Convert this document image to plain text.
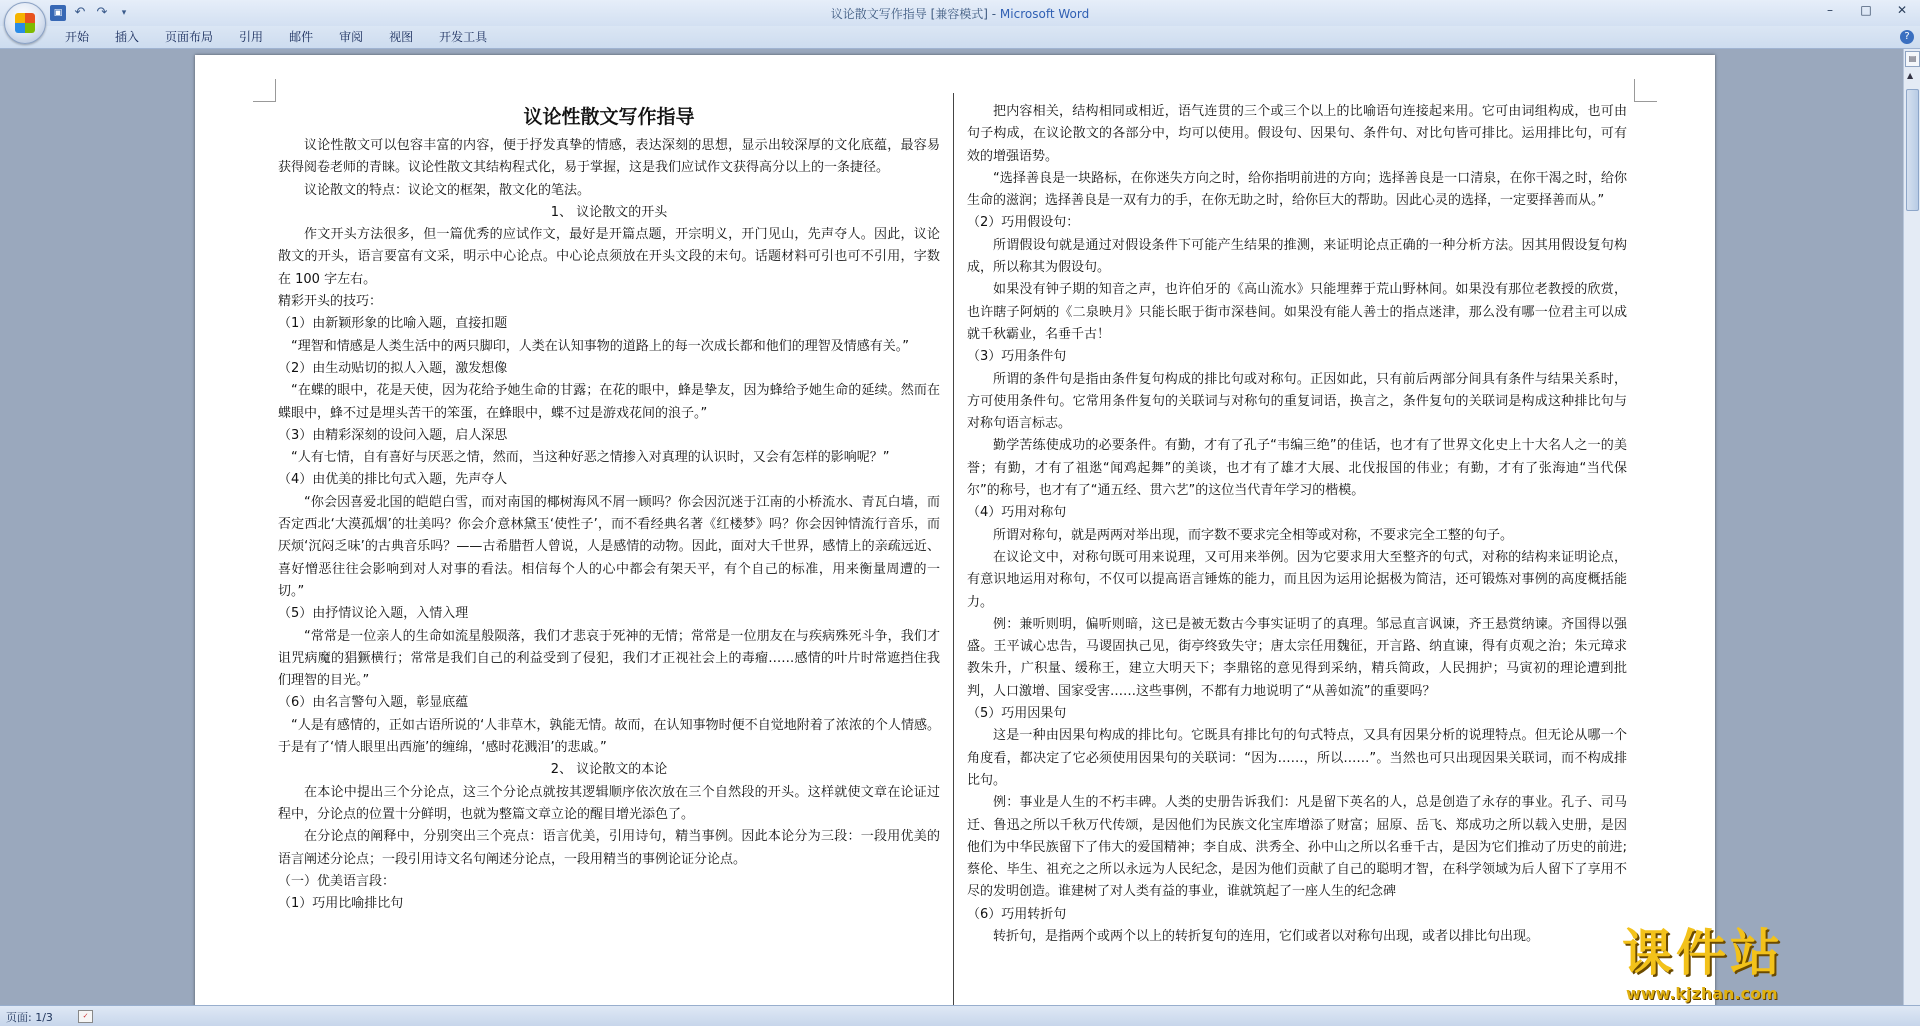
▣ ↶ ↷	▾	议论散文写作指导 [兼容模式] - Microsoft Word	–	□	✕
开始	插入	页面布局	引用	邮件	审阅	视图	开发工具	?
议论性散文写作指导

议论性散文可以包容丰富的内容，便于抒发真挚的情感，表达深刻的思想，显示出较深厚的文化底蕴，最容易获得阅卷老师的青睐。议论性散文其结构程式化，易于掌握，这是我们应试作文获得高分以上的一条捷径。

议论散文的特点：议论文的框架，散文化的笔法。

1、 议论散文的开头

作文开头方法很多，但一篇优秀的应试作文，最好是开篇点题，开宗明义，开门见山，先声夺人。因此，议论散文的开头，语言要富有文采，明示中心论点。中心论点须放在开头文段的末句。话题材料可引也可不引用，字数在 100 字左右。

精彩开头的技巧：

（1）由新颖形象的比喻入题，直接扣题

“理智和情感是人类生活中的两只脚印，人类在认知事物的道路上的每一次成长都和他们的理智及情感有关。”

（2）由生动贴切的拟人入题，激发想像

“在蝶的眼中，花是天使，因为花给予她生命的甘露；在花的眼中，蜂是挚友，因为蜂给予她生命的延续。然而在蝶眼中，蜂不过是埋头苦干的笨蛋，在蜂眼中，蝶不过是游戏花间的浪子。”

（3）由精彩深刻的设问入题，启人深思

“人有七情，自有喜好与厌恶之情，然而，当这种好恶之情掺入对真理的认识时，又会有怎样的影响呢？”

（4）由优美的排比句式入题，先声夺人

“你会因喜爱北国的皑皑白雪，而对南国的椰树海风不屑一顾吗？你会因沉迷于江南的小桥流水、青瓦白墙，而否定西北‘大漠孤烟’的壮美吗？你会介意林黛玉‘使性子’，而不看经典名著《红楼梦》吗？你会因钟情流行音乐，而厌烦‘沉闷乏味’的古典音乐吗？——古希腊哲人曾说，人是感情的动物。因此，面对大千世界，感情上的亲疏远近、喜好憎恶往往会影响到对人对事的看法。相信每个人的心中都会有架天平，有个自己的标准，用来衡量周遭的一切。”

（5）由抒情议论入题，入情入理

“常常是一位亲人的生命如流星般陨落，我们才悲哀于死神的无情；常常是一位朋友在与疾病殊死斗争，我们才诅咒病魔的猖獗横行；常常是我们自己的利益受到了侵犯，我们才正视社会上的毒瘤……感情的叶片时常遮挡住我们理智的目光。”

（6）由名言警句入题，彰显底蕴

“人是有感情的，正如古语所说的‘人非草木，孰能无情。故而，在认知事物时便不自觉地附着了浓浓的个人情感。于是有了‘情人眼里出西施’的缠绵，‘感时花溅泪’的悲戚。”

2、 议论散文的本论

在本论中提出三个分论点，这三个分论点就按其逻辑顺序依次放在三个自然段的开头。这样就使文章在论证过程中，分论点的位置十分鲜明，也就为整篇文章立论的醒目增光添色了。

在分论点的阐释中，分别突出三个亮点：语言优美，引用诗句，精当事例。因此本论分为三段：一段用优美的语言阐述分论点；一段引用诗文名句阐述分论点，一段用精当的事例论证分论点。

（一）优美语言段：

（1）巧用比喻排比句

把内容相关，结构相同或相近，语气连贯的三个或三个以上的比喻语句连接起来用。它可由词组构成，也可由句子构成，在议论散文的各部分中，均可以使用。假设句、因果句、条件句、对比句皆可排比。运用排比句，可有效的增强语势。

“选择善良是一块路标，在你迷失方向之时，给你指明前进的方向；选择善良是一口清泉，在你干渴之时，给你生命的滋润；选择善良是一双有力的手，在你无助之时，给你巨大的帮助。因此心灵的选择，一定要择善而从。”

（2）巧用假设句：

所谓假设句就是通过对假设条件下可能产生结果的推测，来证明论点正确的一种分析方法。因其用假设复句构成，所以称其为假设句。

如果没有钟子期的知音之声，也许伯牙的《高山流水》只能埋葬于荒山野林间。如果没有那位老教授的欣赏，也许瞎子阿炳的《二泉映月》只能长眠于街市深巷间。如果没有能人善士的指点迷津，那么没有哪一位君主可以成就千秋霸业，名垂千古！

（3）巧用条件句

所谓的条件句是指由条件复句构成的排比句或对称句。正因如此，只有前后两部分间具有条件与结果关系时，方可使用条件句。它常用条件复句的关联词与对称句的重复词语，换言之，条件复句的关联词是构成这种排比句与对称句语言标志。

勤学苦练使成功的必要条件。有勤，才有了孔子“韦编三绝”的佳话，也才有了世界文化史上十大名人之一的美誉；有勤，才有了祖逖“闻鸡起舞”的美谈，也才有了雄才大展、北伐报国的伟业；有勤，才有了张海迪“当代保尔”的称号，也才有了“通五经、贯六艺”的这位当代青年学习的楷模。

（4）巧用对称句

所谓对称句，就是两两对举出现，而字数不要求完全相等或对称，不要求完全工整的句子。

在议论文中，对称句既可用来说理，又可用来举例。因为它要求用大至整齐的句式，对称的结构来证明论点，有意识地运用对称句，不仅可以提高语言锤炼的能力，而且因为运用论据极为简洁，还可锻炼对事例的高度概括能力。

例：兼听则明，偏听则暗，这已是被无数古今事实证明了的真理。邹忌直言讽谏，齐王悬赏纳谏。齐国得以强盛。王平诚心忠告，马谡固执己见，街亭终致失守；唐太宗任用魏征，开言路、纳直谏，得有贞观之治；朱元璋求教朱升，广积量、缓称王，建立大明天下；李鼎铭的意见得到采纳，精兵简政，人民拥护；马寅初的理论遭到批判，人口激增、国家受害……这些事例，不都有力地说明了“从善如流”的重要吗？

（5）巧用因果句

这是一种由因果句构成的排比句。它既具有排比句的句式特点，又具有因果分析的说理特点。但无论从哪一个角度看，都决定了它必须使用因果句的关联词：“因为……，所以……”。当然也可只出现因果关联词，而不构成排比句。

例：事业是人生的不朽丰碑。人类的史册告诉我们：凡是留下英名的人，总是创造了永存的事业。孔子、司马迁、鲁迅之所以千秋万代传颂，是因他们为民族文化宝库增添了财富；屈原、岳飞、郑成功之所以载入史册，是因他们为中华民族留下了伟大的爱国精神；李自成、洪秀全、孙中山之所以名垂千古，是因为它们推动了历史的前进;蔡伦、毕生、祖充之之所以永远为人民纪念，是因为他们贡献了自己的聪明才智，在科学领域为后人留下了享用不尽的发明创造。谁建树了对人类有益的事业，谁就筑起了一座人生的纪念碑

（6）巧用转折句

转折句，是指两个或两个以上的转折复句的连用，它们或者以对称句出现，或者以排比句出现。

▤
▲
页面: 1/3	✓
课件站
www.kjzhan.com
